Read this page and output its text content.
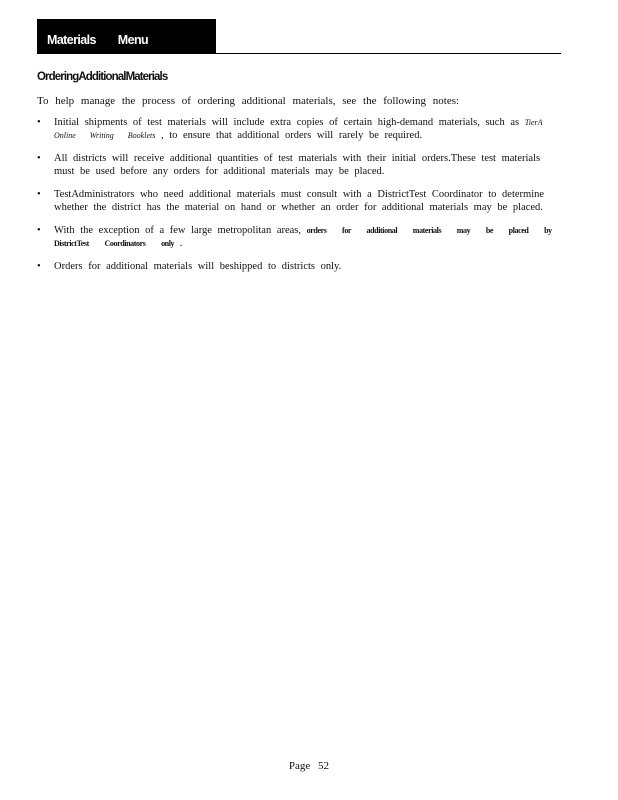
Materials Menu
OrderingAdditionalMaterials

To help manage the process of ordering additional materials, see the following notes:

• Initial shipments of test materials will include extra copies of certain high-demand materials, such as TierA Online Writing Booklets , to ensure that additional orders will rarely be required.
• All districts will receive additional quantities of test materials with their initial orders.These test materials must be used before any orders for additional materials may be placed.
• TestAdministrators who need additional materials must consult with a DistrictTest Coordinator to determine whether the district has the material on hand or whether an order for additional materials may be placed.
• With the exception of a few large metropolitan areas, orders for additional materials may be placed by DistrictTest Coordinators only .
• Orders for additional materials will beshipped to districts only.
Page 52
